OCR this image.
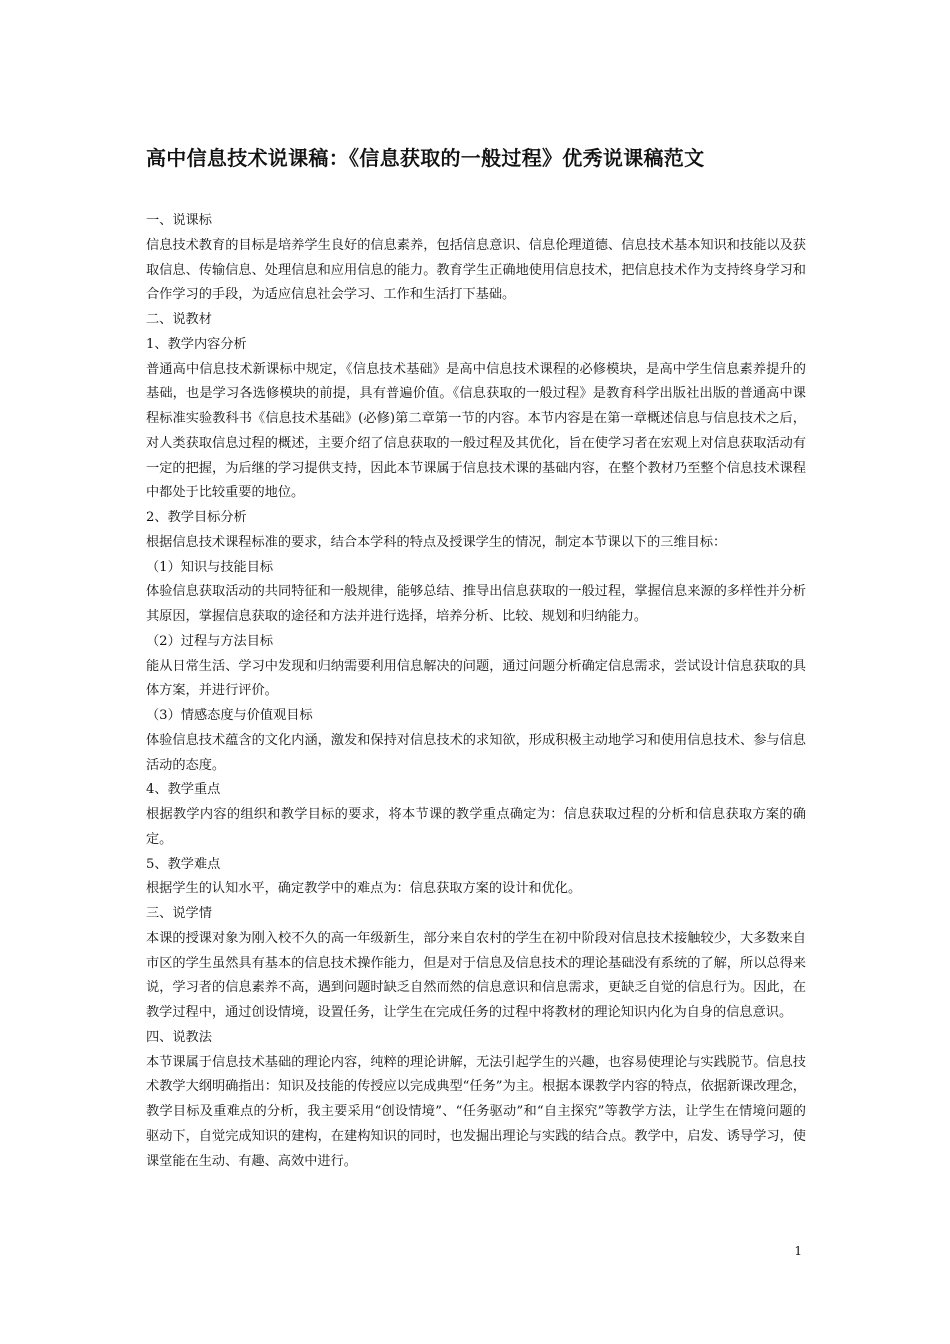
高中信息技术说课稿：《信息获取的一般过程》优秀说课稿范文

一、说课标

信息技术教育的目标是培养学生良好的信息素养，包括信息意识、信息伦理道德、信息技术基本知识和技能以及获取信息、传输信息、处理信息和应用信息的能力。教育学生正确地使用信息技术，把信息技术作为支持终身学习和合作学习的手段，为适应信息社会学习、工作和生活打下基础。

二、说教材

1、教学内容分析

普通高中信息技术新课标中规定，《信息技术基础》是高中信息技术课程的必修模块，是高中学生信息素养提升的基础，也是学习各选修模块的前提，具有普遍价值。《信息获取的一般过程》是教育科学出版社出版的普通高中课程标准实验教科书《信息技术基础》(必修)第二章第一节的内容。本节内容是在第一章概述信息与信息技术之后，对人类获取信息过程的概述，主要介绍了信息获取的一般过程及其优化，旨在使学习者在宏观上对信息获取活动有一定的把握，为后继的学习提供支持，因此本节课属于信息技术课的基础内容，在整个教材乃至整个信息技术课程中都处于比较重要的地位。

2、教学目标分析

根据信息技术课程标准的要求，结合本学科的特点及授课学生的情况，制定本节课以下的三维目标：

（1）知识与技能目标

体验信息获取活动的共同特征和一般规律，能够总结、推导出信息获取的一般过程，掌握信息来源的多样性并分析其原因，掌握信息获取的途径和方法并进行选择，培养分析、比较、规划和归纳能力。

（2）过程与方法目标

能从日常生活、学习中发现和归纳需要利用信息解决的问题，通过问题分析确定信息需求，尝试设计信息获取的具体方案，并进行评价。

（3）情感态度与价值观目标

体验信息技术蕴含的文化内涵，激发和保持对信息技术的求知欲，形成积极主动地学习和使用信息技术、参与信息活动的态度。

4、教学重点

根据教学内容的组织和教学目标的要求，将本节课的教学重点确定为：信息获取过程的分析和信息获取方案的确定。

5、教学难点

根据学生的认知水平，确定教学中的难点为：信息获取方案的设计和优化。

三、说学情

本课的授课对象为刚入校不久的高一年级新生，部分来自农村的学生在初中阶段对信息技术接触较少，大多数来自市区的学生虽然具有基本的信息技术操作能力，但是对于信息及信息技术的理论基础没有系统的了解，所以总得来说，学习者的信息素养不高，遇到问题时缺乏自然而然的信息意识和信息需求，更缺乏自觉的信息行为。因此，在教学过程中，通过创设情境，设置任务，让学生在完成任务的过程中将教材的理论知识内化为自身的信息意识。

四、说教法

本节课属于信息技术基础的理论内容，纯粹的理论讲解，无法引起学生的兴趣，也容易使理论与实践脱节。信息技术教学大纲明确指出：知识及技能的传授应以完成典型“任务”为主。根据本课教学内容的特点，依据新课改理念，教学目标及重难点的分析，我主要采用“创设情境”、“任务驱动”和“自主探究”等教学方法，让学生在情境问题的驱动下，自觉完成知识的建构，在建构知识的同时，也发掘出理论与实践的结合点。教学中，启发、诱导学习，使课堂能在生动、有趣、高效中进行。

1
